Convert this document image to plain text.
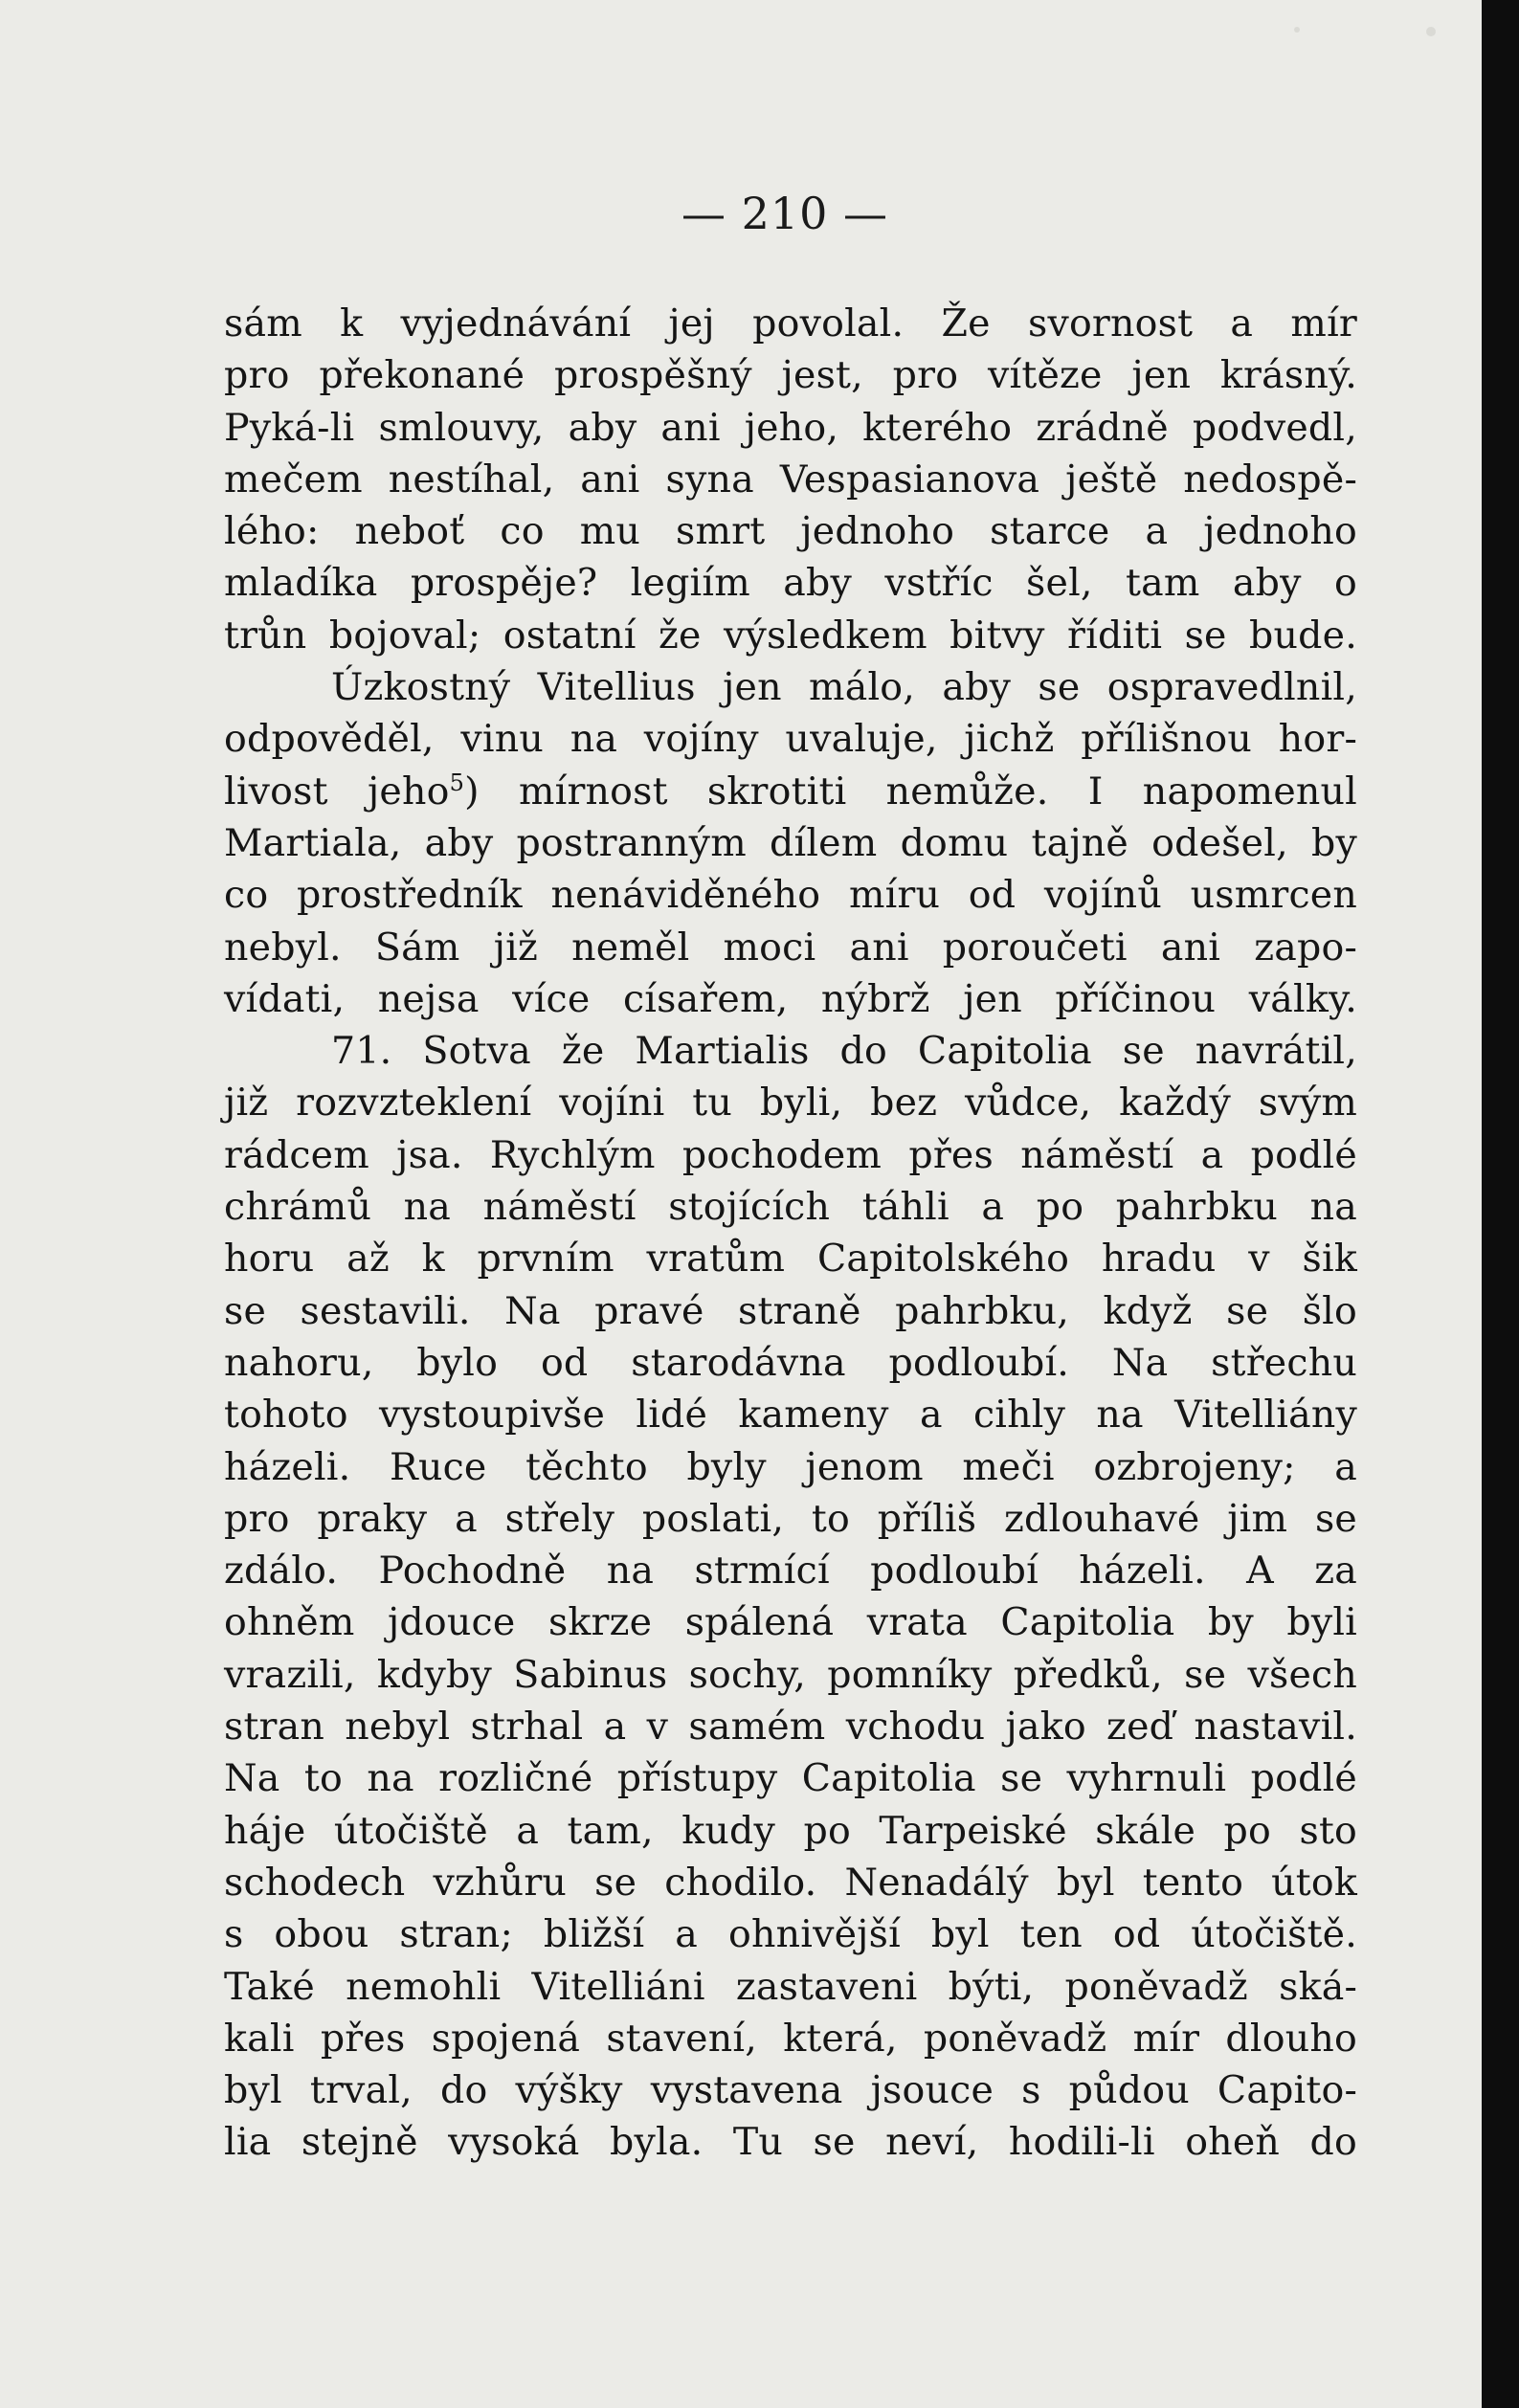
— 210 —
sám k vyjednávání jej povolal. Že svornost a mír
pro překonané prospěšný jest, pro vítěze jen krásný.
Pyká-li smlouvy, aby ani jeho, kterého zrádně podvedl,
mečem nestíhal, ani syna Vespasianova ještě nedospě-
lého: neboť co mu smrt jednoho starce a jednoho
mladíka prospěje? legiím aby vstříc šel, tam aby o
trůn bojoval; ostatní že výsledkem bitvy říditi se bude.
Úzkostný Vitellius jen málo, aby se ospravedlnil,
odpověděl, vinu na vojíny uvaluje, jichž přílišnou hor-
livost jeho$^5$) mírnost skrotiti nemůže. I napomenul
Martiala, aby postranným dílem domu tajně odešel, by
co prostředník nenáviděného míru od vojínů usmrcen
nebyl. Sám již neměl moci ani poroučeti ani zapo-
vídati, nejsa více císařem, nýbrž jen příčinou války.
71. Sotva že Martialis do Capitolia se navrátil,
již rozvzteklení vojíni tu byli, bez vůdce, každý svým
rádcem jsa. Rychlým pochodem přes náměstí a podlé
chrámů na náměstí stojících táhli a po pahrbku na
horu až k prvním vratům Capitolského hradu v šik
se sestavili. Na pravé straně pahrbku, když se šlo
nahoru, bylo od starodávna podloubí. Na střechu
tohoto vystoupivše lidé kameny a cihly na Vitelliány
házeli. Ruce těchto byly jenom meči ozbrojeny; a
pro praky a střely poslati, to příliš zdlouhavé jim se
zdálo. Pochodně na strmící podloubí házeli. A za
ohněm jdouce skrze spálená vrata Capitolia by byli
vrazili, kdyby Sabinus sochy, pomníky předků, se všech
stran nebyl strhal a v samém vchodu jako zeď nastavil.
Na to na rozličné přístupy Capitolia se vyhrnuli podlé
háje útočiště a tam, kudy po Tarpeiské skále po sto
schodech vzhůru se chodilo. Nenadálý byl tento útok
s obou stran; bližší a ohnivější byl ten od útočiště.
Také nemohli Vitelliáni zastaveni býti, poněvadž ská-
kali přes spojená stavení, která, poněvadž mír dlouho
byl trval, do výšky vystavena jsouce s půdou Capito-
lia stejně vysoká byla. Tu se neví, hodili-li oheň do
